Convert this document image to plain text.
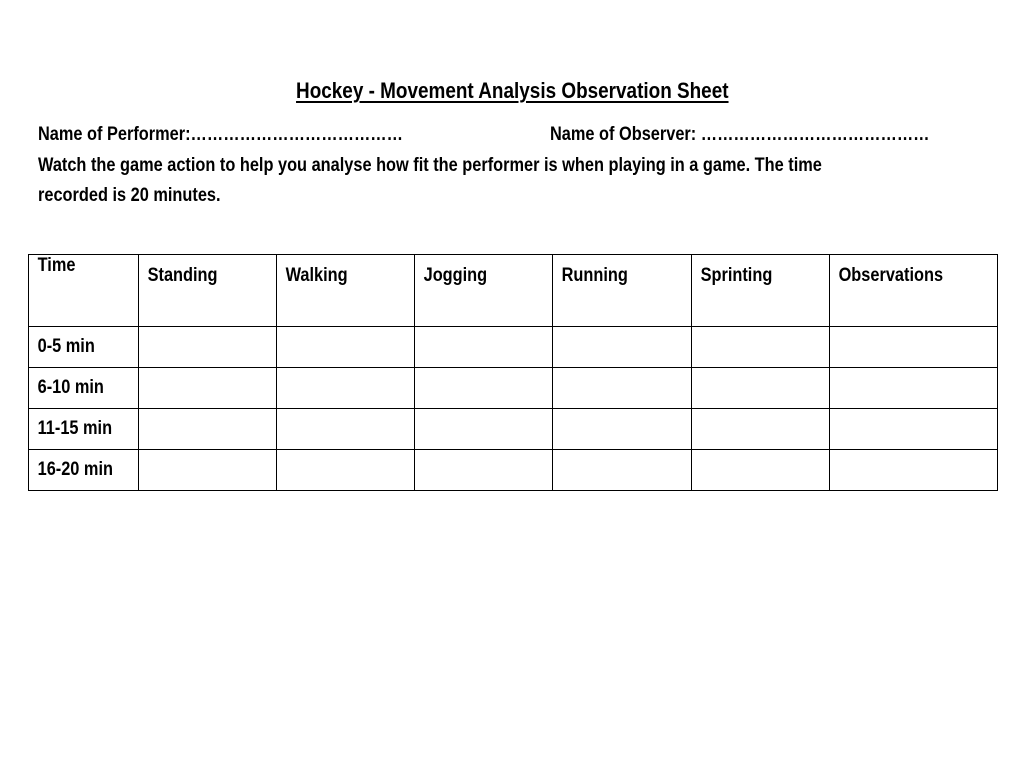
Hockey - Movement Analysis Observation Sheet
Name of Performer:…………………………………	Name of Observer: ……………………………………
Watch the game action to help you analyse how fit the performer is when playing in a game. The time
recorded is 20 minutes.
Time	Standing	Walking	Jogging	Running	Sprinting	Observations
0-5 min						
6-10 min						
11-15 min						
16-20 min						
